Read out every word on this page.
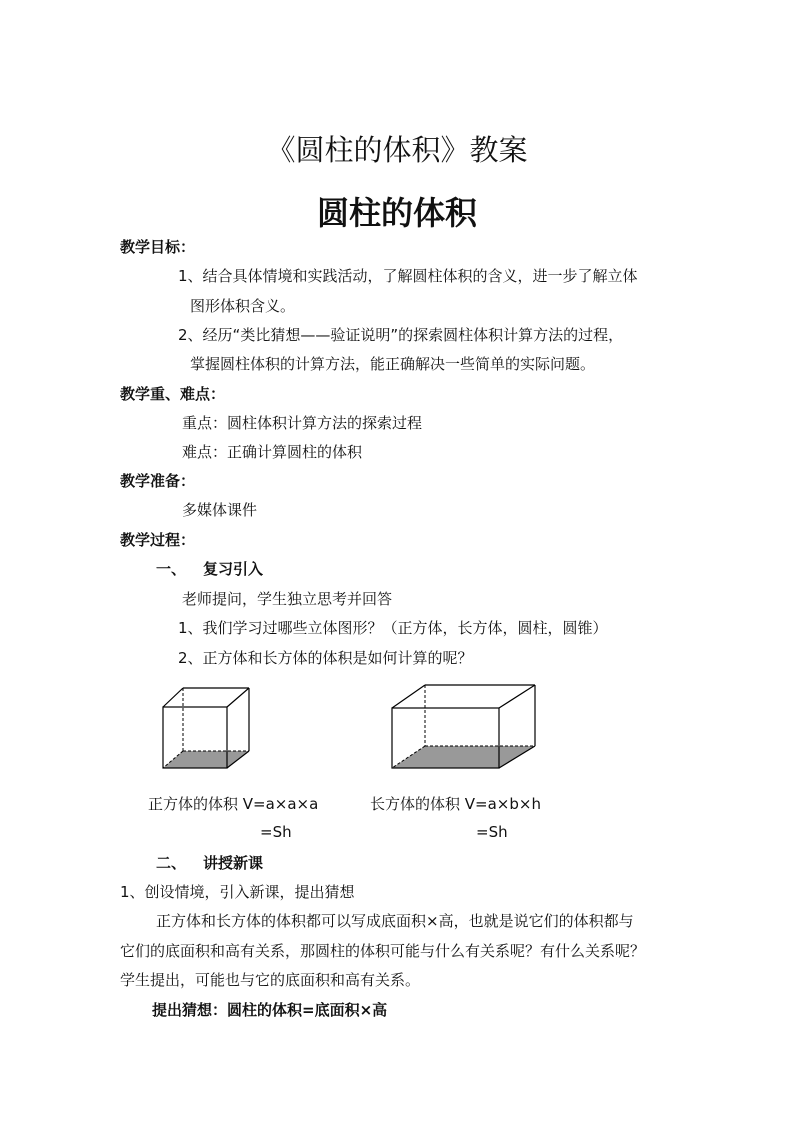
《圆柱的体积》教案
圆柱的体积
教学目标：
1、结合具体情境和实践活动，了解圆柱体积的含义，进一步了解立体
图形体积含义。
2、经历“类比猜想——验证说明”的探索圆柱体积计算方法的过程，
掌握圆柱体积的计算方法，能正确解决一些简单的实际问题。
教学重、难点：
重点：圆柱体积计算方法的探索过程
难点：正确计算圆柱的体积
教学准备：
多媒体课件
教学过程：
一、 复习引入
老师提问，学生独立思考并回答
1、我们学习过哪些立体图形？（正方体，长方体，圆柱，圆锥）
2、正方体和长方体的体积是如何计算的呢？
正方体的体积 V=a×a×a
=Sh
长方体的体积 V=a×b×h
=Sh
二、 讲授新课
1、创设情境，引入新课，提出猜想
正方体和长方体的体积都可以写成底面积×高，也就是说它们的体积都与
它们的底面积和高有关系，那圆柱的体积可能与什么有关系呢？有什么关系呢？
学生提出，可能也与它的底面积和高有关系。
提出猜想：圆柱的体积=底面积×高
